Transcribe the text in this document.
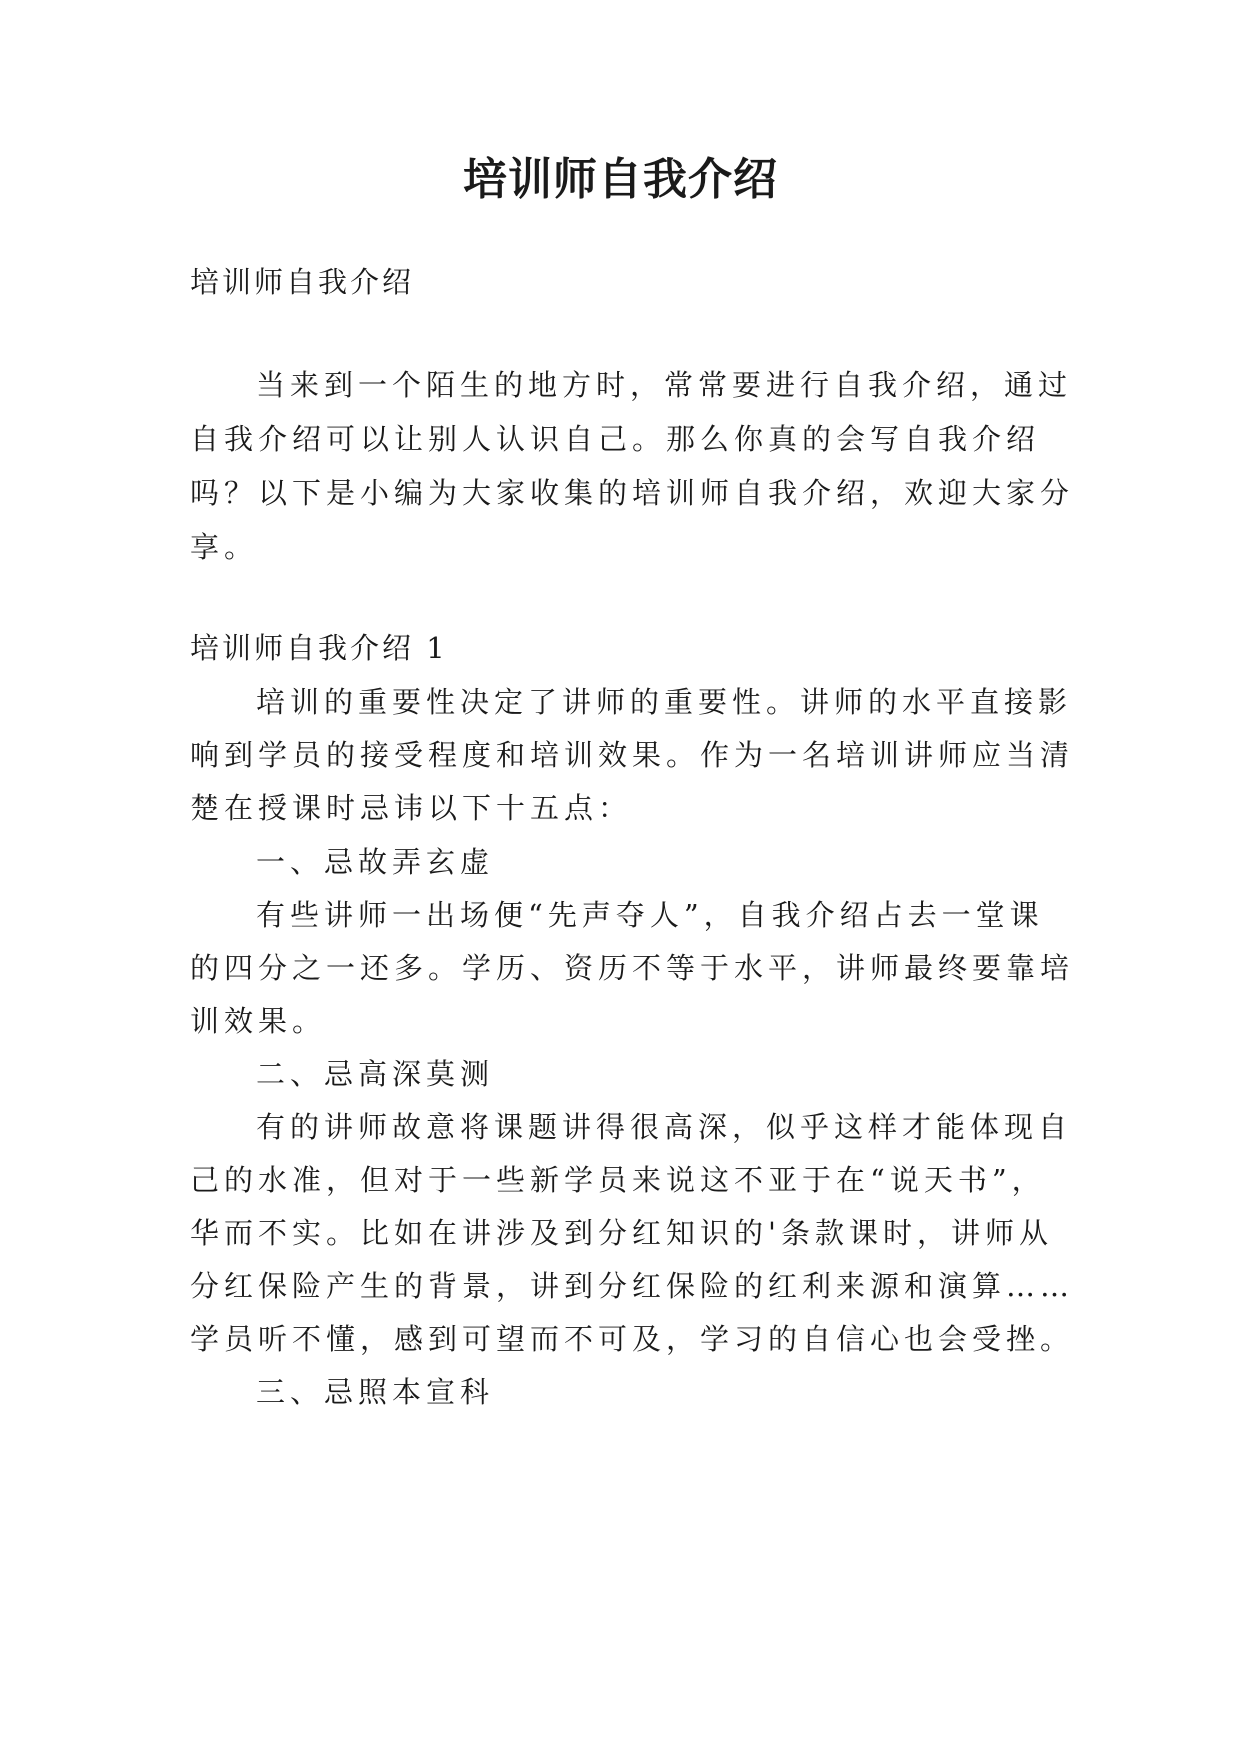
培训师自我介绍

培训师自我介绍

当来到一个陌生的地方时，常常要进行自我介绍，通过

自我介绍可以让别人认识自己。那么你真的会写自我介绍

吗？以下是小编为大家收集的培训师自我介绍，欢迎大家分

享。

培训师自我介绍 1

培训的重要性决定了讲师的重要性。讲师的水平直接影

响到学员的接受程度和培训效果。作为一名培训讲师应当清

楚在授课时忌讳以下十五点：

一、忌故弄玄虚

有些讲师一出场便“先声夺人”，自我介绍占去一堂课

的四分之一还多。学历、资历不等于水平，讲师最终要靠培

训效果。

二、忌高深莫测

有的讲师故意将课题讲得很高深，似乎这样才能体现自

己的水准，但对于一些新学员来说这不亚于在“说天书”，

华而不实。比如在讲涉及到分红知识的'条款课时，讲师从

分红保险产生的背景，讲到分红保险的红利来源和演算……

学员听不懂，感到可望而不可及，学习的自信心也会受挫。

三、忌照本宣科
